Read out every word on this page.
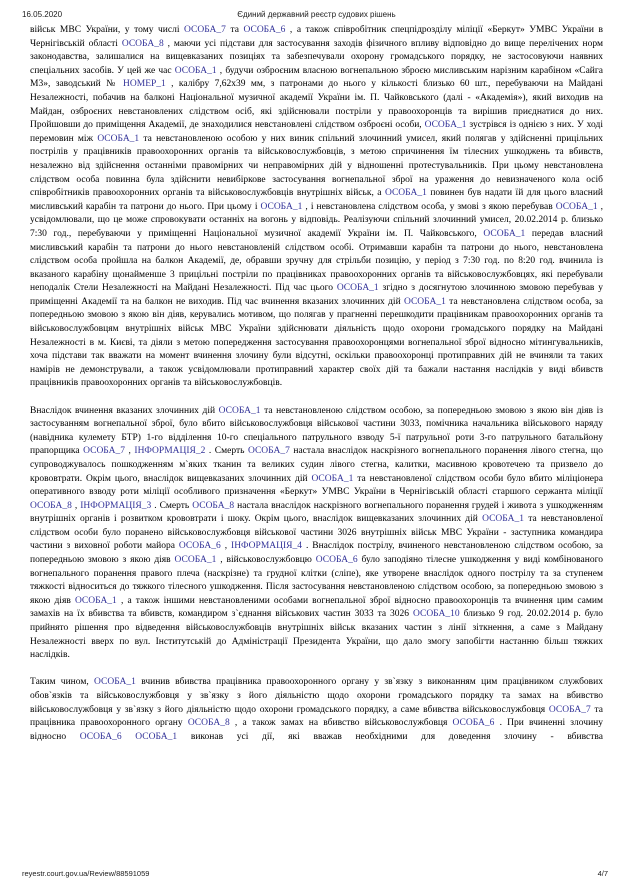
16.05.2020	Єдиний державний реєстр судових рішень

військ МВС України, у тому числі ОСОБА_7 та ОСОБА_6 , а також співробітник спецпідрозділу міліції «Беркут» УМВС України в Чернігівській області ОСОБА_8 , маючи усі підстави для застосування заходів фізичного впливу відповідно до вище перелічених норм законодавства, залишалися на вищевказаних позиціях та забезпечували охорону громадського порядку, не застосовуючи наявних спеціальних засобів. У цей же час ОСОБА_1 , будучи озброєним власною вогнепальною зброєю мисливським нарізним карабіном «Сайга М3», заводський № НОМЕР_1 , калібру 7,62х39 мм, з патронами до нього у кількості близько 60 шт., перебуваючи на Майдані Незалежності, побачив на балконі Національної музичної академії України ім. П. Чайковського (далі - «Академія»), який виходив на Майдан, озброєних невстановлених слідством осіб, які здійснювали постріли у правоохоронців та вирішив приєднатися до них. Пройшовши до приміщення Академії, де знаходилися невстановлені слідством озброєні особи, ОСОБА_1 зустрівся із однією з них. У ході перемовин між ОСОБА_1 та невстановленою особою у них виник спільний злочинний умисел, який полягав у здійсненні прицільних пострілів у працівників правоохоронних органів та військовослужбовців, з метою спричинення їм тілесних ушкоджень та вбивств, незалежно від здійснення останніми правомірних чи неправомірних дій у відношенні протестувальників. При цьому невстановлена слідством особа повинна була здійснити невибіркове застосування вогнепальної зброї на ураження до невизначеного кола осіб співробітників правоохоронних органів та військовослужбовців внутрішніх військ, а ОСОБА_1 повинен був надати їй для цього власний мисливський карабін та патрони до нього. При цьому і ОСОБА_1 , і невстановлена слідством особа, у змові з якою перебував ОСОБА_1 , усвідомлювали, що це може спровокувати останніх на вогонь у відповідь. Реалізуючи спільний злочинний умисел, 20.02.2014 р. близько 7:30 год., перебуваючи у приміщенні Національної музичної академії України ім. П. Чайковського, ОСОБА_1 передав власний мисливський карабін та патрони до нього невстановленій слідством особі. Отримавши карабін та патрони до нього, невстановлена слідством особа пройшла на балкон Академії, де, обравши зручну для стрільби позицію, у період з 7:30 год. по 8:20 год. вчинила із вказаного карабіну щонайменше 3 прицільні постріли по працівниках правоохоронних органів та військовослужбовцях, які перебували неподалік Стели Незалежності на Майдані Незалежності. Під час цього ОСОБА_1 згідно з досягнутою злочинною змовою перебував у приміщенні Академії та на балкон не виходив. Під час вчинення вказаних злочинних дій ОСОБА_1 та невстановлена слідством особа, за попередньою змовою з якою він діяв, керувались мотивом, що полягав у прагненні перешкодити працівникам правоохоронних органів та військовослужбовцям внутрішніх військ МВС України здійснювати діяльність щодо охорони громадського порядку на Майдані Незалежності в м. Києві, та діяли з метою попередження застосування правоохоронцями вогнепальної зброї відносно мітингувальників, хоча підстави так вважати на момент вчинення злочину були відсутні, оскільки правоохоронці протиправних дій не вчиняли та таких намірів не демонстрували, а також усвідомлювали протиправний характер своїх дій та бажали настання наслідків у виді вбивств працівників правоохоронних органів та військовослужбовців.

Внаслідок вчинення вказаних злочинних дій ОСОБА_1 та невстановленою слідством особою, за попередньою змовою з якою він діяв із застосуванням вогнепальної зброї, було вбито військовослужбовця військової частини 3033, помічника начальника військового наряду (навідника кулемету БТР) 1-го відділення 10-го спеціального патрульного взводу 5-ї патрульної роти 3-го патрульного батальйону прапорщика ОСОБА_7 , ІНФОРМАЦІЯ_2 . Смерть ОСОБА_7 настала внаслідок наскрізного вогнепального поранення лівого стегна, що супроводжувалось пошкодженням м`яких тканин та великих судин лівого стегна, калитки, масивною кровотечею та призвело до крововтрати. Окрім цього, внаслідок вищевказаних злочинних дій ОСОБА_1 та невстановленої слідством особи було вбито міліціонера оперативного взводу роти міліції особливого призначення «Беркут» УМВС України в Чернігівській області старшого сержанта міліції ОСОБА_8 , ІНФОРМАЦІЯ_3 . Смерть ОСОБА_8 настала внаслідок наскрізного вогнепального поранення грудей і живота з ушкодженням внутрішніх органів і розвитком крововтрати і шоку. Окрім цього, внаслідок вищевказаних злочинних дій ОСОБА_1 та невстановленої слідством особи було поранено військовослужбовця військової частини 3026 внутрішніх військ МВС України - заступника командира частини з виховної роботи майора ОСОБА_6 , ІНФОРМАЦІЯ_4 . Внаслідок пострілу, вчиненого невстановленою слідством особою, за попередньою змовою з якою діяв ОСОБА_1 , військовослужбовцю ОСОБА_6 було заподіяно тілесне ушкодження у виді комбінованого вогнепального поранення правого плеча (наскрізне) та грудної клітки (сліпе), яке утворене внаслідок одного пострілу та за ступенем тяжкості відноситься до тяжкого тілесного ушкодження. Після застосування невстановленою слідством особою, за попередньою змовою з якою діяв ОСОБА_1 , а також іншими невстановленими особами вогнепальної зброї відносно правоохоронців та вчинення цим самим замахів на їх вбивства та вбивств, командиром з`єднання військових частин 3033 та 3026 ОСОБА_10 близько 9 год. 20.02.2014 р. було прийнято рішення про відведення військовослужбовців внутрішніх військ вказаних частин з лінії зіткнення, а саме з Майдану Незалежності вверх по вул. Інститутській до Адміністрації Президента України, що дало змогу запобігти настанню більш тяжких наслідків.

Таким чином, ОСОБА_1 вчинив вбивства працівника правоохоронного органу у зв`язку з виконанням цим працівником службових обов`язків та військовослужбовця у зв`язку з його діяльністю щодо охорони громадського порядку та замах на вбивство військовослужбовця у зв`язку з його діяльністю щодо охорони громадського порядку, а саме вбивства військовослужбовця ОСОБА_7 та працівника правоохоронного органу ОСОБА_8 , а також замах на вбивство військовослужбовця ОСОБА_6 . При вчиненні злочину відносно ОСОБА_6 ОСОБА_1 виконав усі дії, які вважав необхідними для доведення злочину - вбивства

reyestr.court.gov.ua/Review/88591059	4/7
